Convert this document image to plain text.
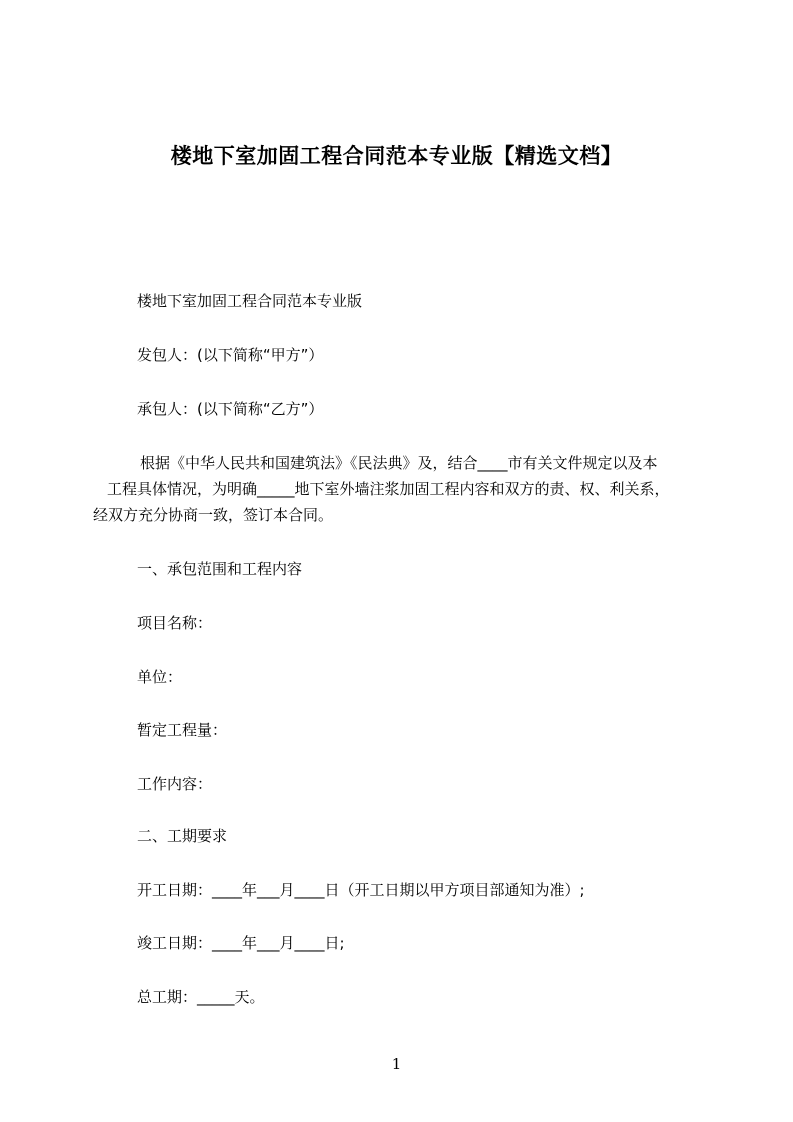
楼地下室加固工程合同范本专业版【精选文档】
楼地下室加固工程合同范本专业版
发包人：(以下简称“甲方”）
承包人：(以下简称“乙方”）
根据《中华人民共和国建筑法》《民法典》及，结合____市有关文件规定以及本
工程具体情况，为明确_____地下室外墙注浆加固工程内容和双方的责、权、利关系，
经双方充分协商一致，签订本合同。
一、承包范围和工程内容
项目名称：
单位：
暂定工程量：
工作内容：
二、工期要求
开工日期：____年___月____日（开工日期以甲方项目部通知为准）;
竣工日期：____年___月____日;
总工期：_____天。
1
